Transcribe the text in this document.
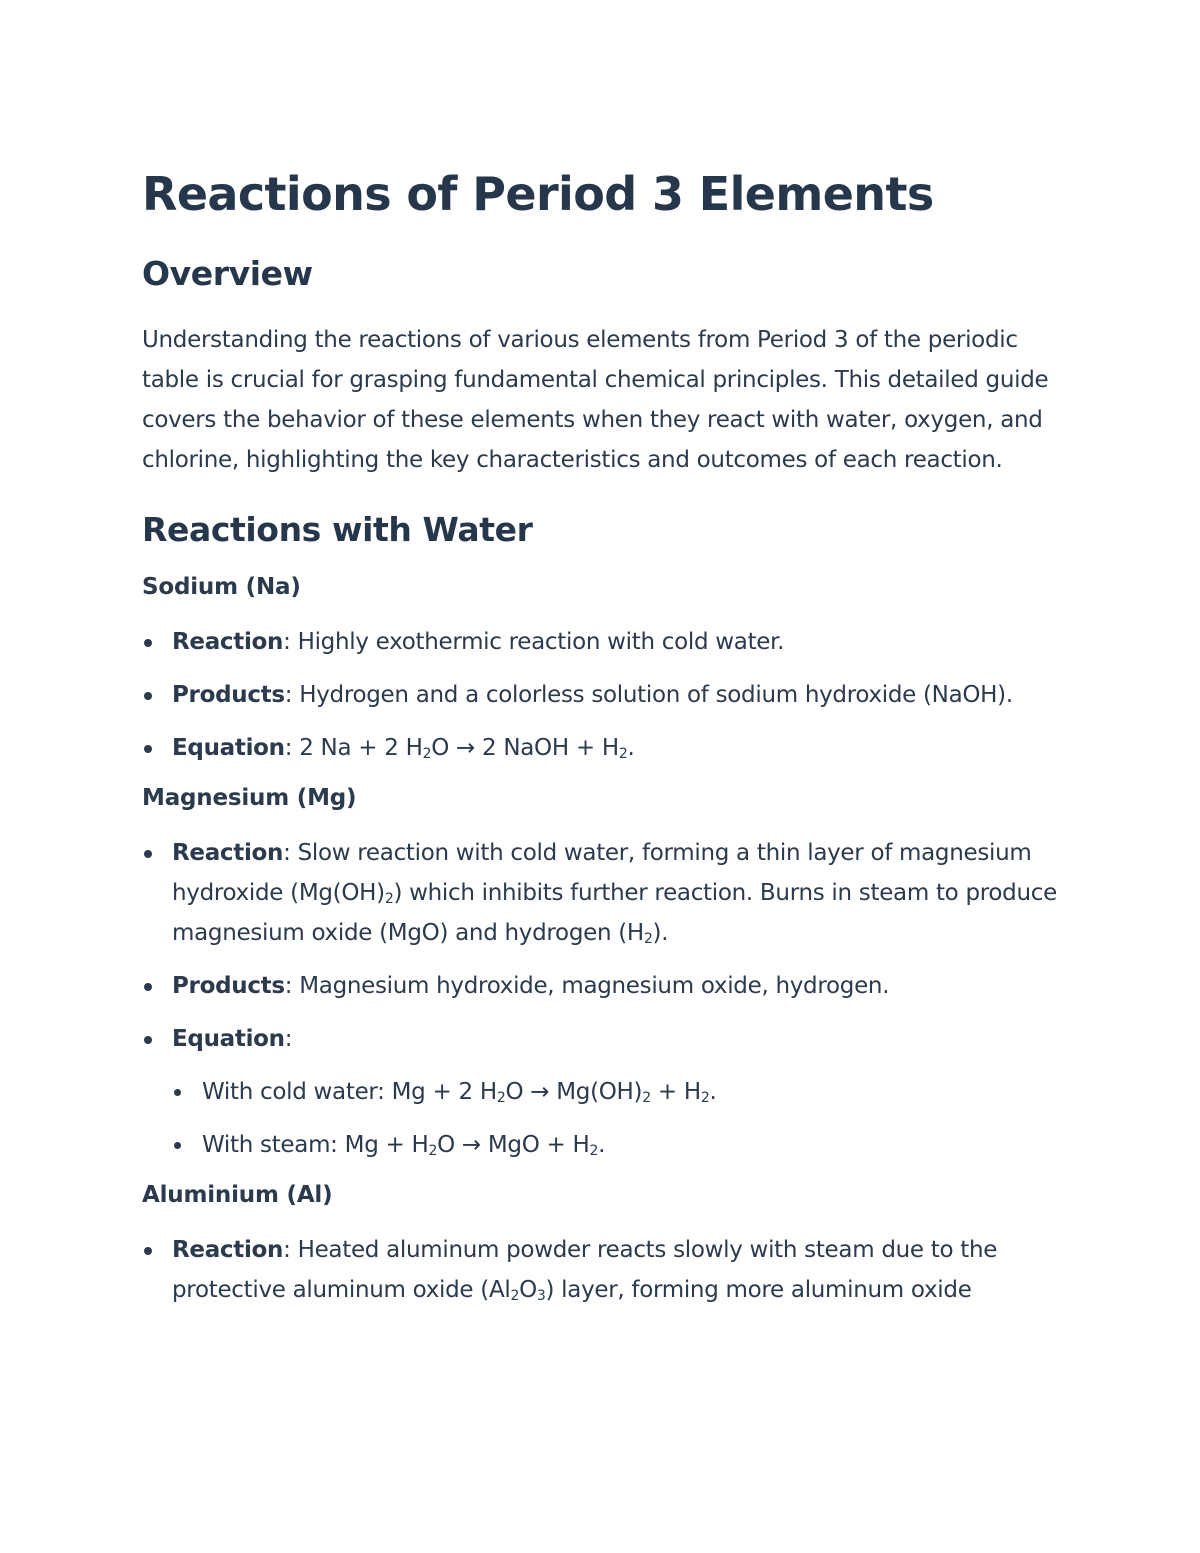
Reactions of Period 3 Elements
Overview

Understanding the reactions of various elements from Period 3 of the periodic table is crucial for grasping fundamental chemical principles. This detailed guide covers the behavior of these elements when they react with water, oxygen, and chlorine, highlighting the key characteristics and outcomes of each reaction.

Reactions with Water
Sodium (Na)
Reaction: Highly exothermic reaction with cold water.
Products: Hydrogen and a colorless solution of sodium hydroxide (NaOH).
Equation: 2 Na + 2 $H_2O \to 2$ NaOH + $H_2$.
Magnesium (Mg)
Reaction: Slow reaction with cold water, forming a thin layer of magnesium hydroxide $(Mg(OH)_2)$ which inhibits further reaction. Burns in steam to produce magnesium oxide (MgO) and hydrogen $(H_2)$.
Products: Magnesium hydroxide, magnesium oxide, hydrogen.
Equation:
With cold water: Mg + 2 $H_2O \to Mg(OH)_2 + H_2$.
With steam: $Mg + H_2O$ → MgO + $H_2$.
Aluminium (Al)
Reaction: Heated aluminum powder reacts slowly with steam due to the protective aluminum oxide $(Al_2O_3)$ layer, forming more aluminum oxide
